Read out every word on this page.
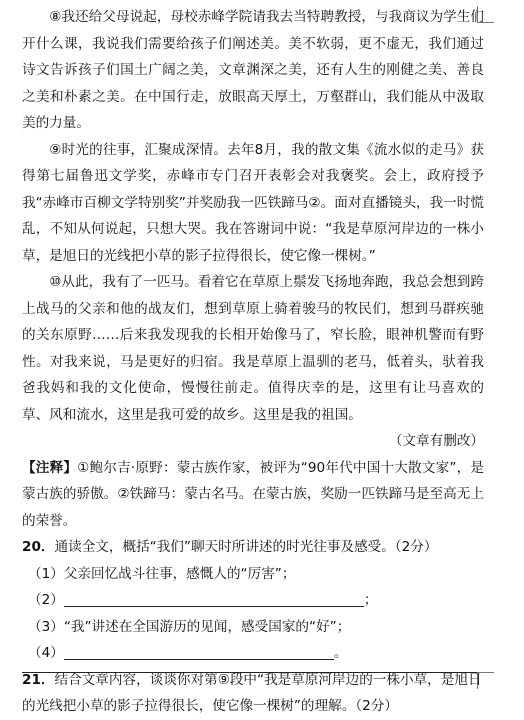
⑧我还给父母说起，母校赤峰学院请我去当特聘教授，与我商议为学生们开什么课，我说我们需要给孩子们阐述美。美不软弱，更不虚无，我们通过诗文告诉孩子们国土广阔之美，文章渊深之美，还有人生的刚健之美、善良之美和朴素之美。在中国行走，放眼高天厚土，万壑群山，我们能从中汲取美的力量。

⑨时光的往事，汇聚成深情。去年8月，我的散文集《流水似的走马》获得第七届鲁迅文学奖，赤峰市专门召开表彰会对我褒奖。会上，政府授予我“赤峰市百柳文学特别奖”并奖励我一匹铁蹄马②。面对直播镜头，我一时慌乱，不知从何说起，只想大哭。我在答谢词中说：“我是草原河岸边的一株小草，是旭日的光线把小草的影子拉得很长，使它像一棵树。”

⑩从此，我有了一匹马。看着它在草原上鬃发飞扬地奔跑，我总会想到跨上战马的父亲和他的战友们，想到草原上骑着骏马的牧民们，想到马群疾驰的关东原野……后来我发现我的长相开始像马了，窄长脸，眼神机警而有野性。对我来说，马是更好的归宿。我是草原上温驯的老马，低着头，驮着我爸我妈和我的文化使命，慢慢往前走。值得庆幸的是，这里有让马喜欢的草、风和流水，这里是我可爱的故乡。这里是我的祖国。

（文章有删改）

【注释】①鲍尔吉·原野：蒙古族作家，被评为“90年代中国十大散文家”，是蒙古族的骄傲。②铁蹄马：蒙古名马。在蒙古族，奖励一匹铁蹄马是至高无上的荣誉。

20．通读全文，概括“我们”聊天时所讲述的时光往事及感受。（2分）

（1）父亲回忆战斗往事，感慨人的“厉害”；

（2）	；

（3）“我”讲述在全国游历的见闻，感受国家的“好”；

（4）	。

21．结合文章内容，谈谈你对第⑨段中“我是草原河岸边的一株小草，是旭日的光线把小草的影子拉得很长，使它像一棵树”的理解。（2分）
